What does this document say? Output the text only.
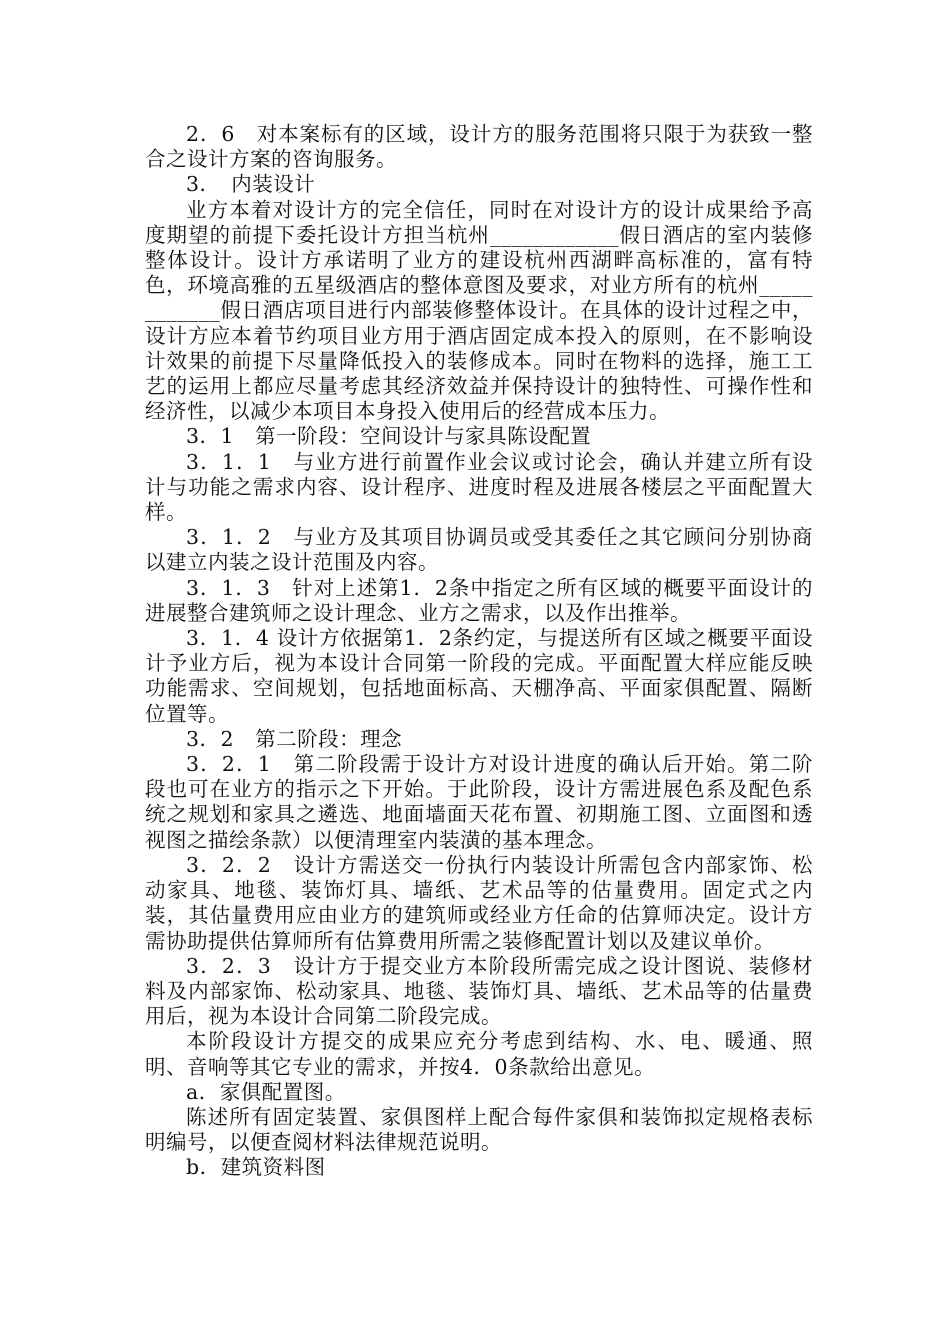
2．6　对本案标有的区域，设计方的服务范围将只限于为获致一整合之设计方案的咨询服务。

3．　内装设计

业方本着对设计方的完全信任，同时在对设计方的设计成果给予高度期望的前提下委托设计方担当杭州____________假日酒店的室内装修整体设计。设计方承诺明了业方的建设杭州西湖畔高标准的，富有特色，环境高雅的五星级酒店的整体意图及要求，对业方所有的杭州____________假日酒店项目进行内部装修整体设计。在具体的设计过程之中，设计方应本着节约项目业方用于酒店固定成本投入的原则，在不影响设计效果的前提下尽量降低投入的装修成本。同时在物料的选择，施工工艺的运用上都应尽量考虑其经济效益并保持设计的独特性、可操作性和经济性，以减少本项目本身投入使用后的经营成本压力。

3．1　第一阶段：空间设计与家具陈设配置

3．1．1　与业方进行前置作业会议或讨论会，确认并建立所有设计与功能之需求内容、设计程序、进度时程及进展各楼层之平面配置大样。

3．1．2　与业方及其项目协调员或受其委任之其它顾问分别协商以建立内装之设计范围及内容。

3．1．3　针对上述第1．2条中指定之所有区域的概要平面设计的进展整合建筑师之设计理念、业方之需求，以及作出推举。

3．1．4 设计方依据第1．2条约定，与提送所有区域之概要平面设计予业方后，视为本设计合同第一阶段的完成。平面配置大样应能反映功能需求、空间规划，包括地面标高、天棚净高、平面家俱配置、隔断位置等。

3．2　第二阶段：理念

3．2．1　第二阶段需于设计方对设计进度的确认后开始。第二阶段也可在业方的指示之下开始。于此阶段，设计方需进展色系及配色系统之规划和家具之遴选、地面墙面天花布置、初期施工图、立面图和透视图之描绘条款）以便清理室内装潢的基本理念。

3．2．2　设计方需送交一份执行内装设计所需包含内部家饰、松动家具、地毯、装饰灯具、墙纸、艺术品等的估量费用。固定式之内装，其估量费用应由业方的建筑师或经业方任命的估算师决定。设计方需协助提供估算师所有估算费用所需之装修配置计划以及建议单价。

3．2．3　设计方于提交业方本阶段所需完成之设计图说、装修材料及内部家饰、松动家具、地毯、装饰灯具、墙纸、艺术品等的估量费用后，视为本设计合同第二阶段完成。

本阶段设计方提交的成果应充分考虑到结构、水、电、暖通、照明、音响等其它专业的需求，并按4．0条款给出意见。

a．家俱配置图。

陈述所有固定装置、家俱图样上配合每件家俱和装饰拟定规格表标明编号，以便查阅材料法律规范说明。

b．建筑资料图
